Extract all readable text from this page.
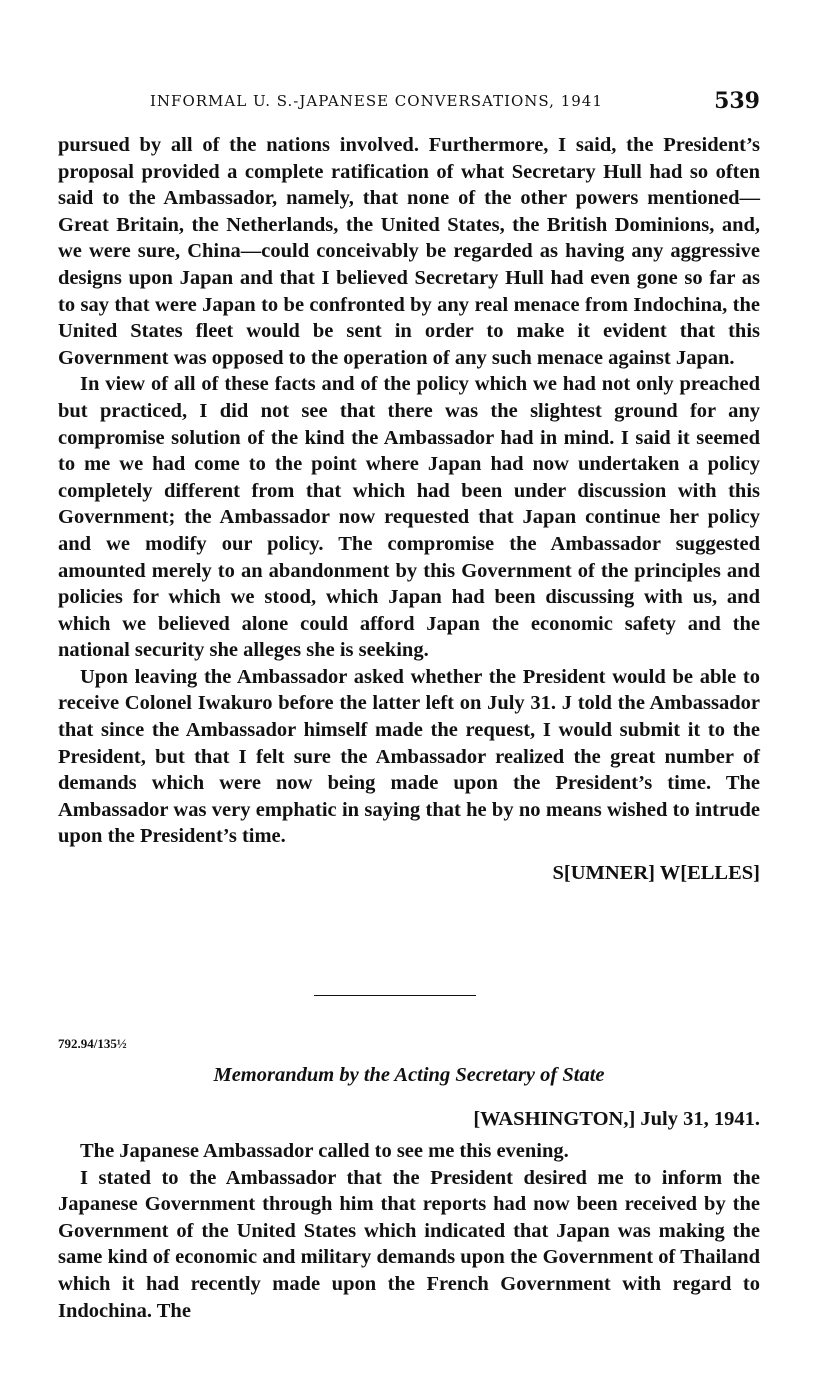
INFORMAL U. S.-JAPANESE CONVERSATIONS, 1941	539

pursued by all of the nations involved. Furthermore, I said, the President’s proposal provided a complete ratification of what Secretary Hull had so often said to the Ambassador, namely, that none of the other powers mentioned—Great Britain, the Netherlands, the United States, the British Dominions, and, we were sure, China—could conceivably be regarded as having any aggressive designs upon Japan and that I believed Secretary Hull had even gone so far as to say that were Japan to be confronted by any real menace from Indochina, the United States fleet would be sent in order to make it evident that this Government was opposed to the operation of any such menace against Japan.

In view of all of these facts and of the policy which we had not only preached but practiced, I did not see that there was the slightest ground for any compromise solution of the kind the Ambassador had in mind. I said it seemed to me we had come to the point where Japan had now undertaken a policy completely different from that which had been under discussion with this Government; the Ambassador now requested that Japan continue her policy and we modify our policy. The compromise the Ambassador suggested amounted merely to an abandonment by this Government of the principles and policies for which we stood, which Japan had been discussing with us, and which we believed alone could afford Japan the economic safety and the national security she alleges she is seeking.

Upon leaving the Ambassador asked whether the President would be able to receive Colonel Iwakuro before the latter left on July 31. J told the Ambassador that since the Ambassador himself made the request, I would submit it to the President, but that I felt sure the Ambassador realized the great number of demands which were now being made upon the President’s time. The Ambassador was very emphatic in saying that he by no means wished to intrude upon the President’s time.

S[UMNER] W[ELLES]
792.94/135½
Memorandum by the Acting Secretary of State
[WASHINGTON,] July 31, 1941.

The Japanese Ambassador called to see me this evening.

I stated to the Ambassador that the President desired me to inform the Japanese Government through him that reports had now been received by the Government of the United States which indicated that Japan was making the same kind of economic and military demands upon the Government of Thailand which it had recently made upon the French Government with regard to Indochina. The
